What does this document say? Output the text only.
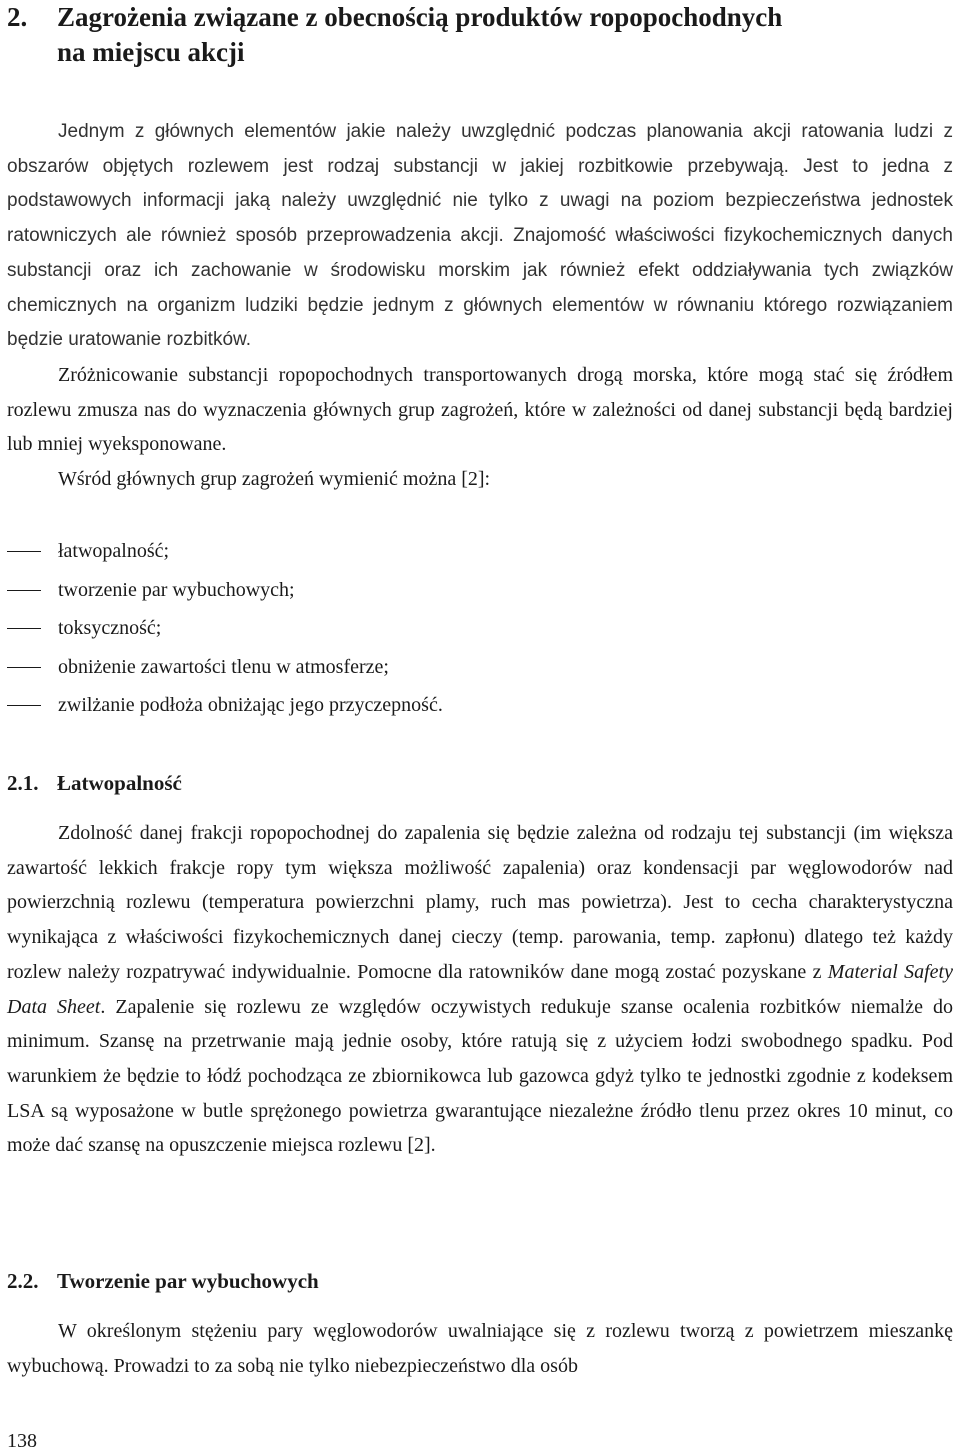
2. Zagrożenia związane z obecnością produktów ropopochodnych
na miejscu akcji

Jednym z głównych elementów jakie należy uwzględnić podczas planowania akcji ratowania ludzi z obszarów objętych rozlewem jest rodzaj substancji w jakiej rozbitkowie przebywają. Jest to jedna z podstawowych informacji jaką należy uwzględnić nie tylko z uwagi na poziom bezpieczeństwa jednostek ratowniczych ale również sposób przeprowadzenia akcji. Znajomość właściwości fizykochemicznych danych substancji oraz ich zachowanie w środowisku morskim jak również efekt oddziaływania tych związków chemicznych na organizm ludziki będzie jednym z głównych elementów w równaniu którego rozwiązaniem będzie uratowanie rozbitków.

Zróżnicowanie substancji ropopochodnych transportowanych drogą morska, które mogą stać się źródłem rozlewu zmusza nas do wyznaczenia głównych grup zagrożeń, które w zależności od danej substancji będą bardziej lub mniej wyeksponowane.

Wśród głównych grup zagrożeń wymienić można [2]:

łatwopalność;
tworzenie par wybuchowych;
toksyczność;
obniżenie zawartości tlenu w atmosferze;
zwilżanie podłoża obniżając jego przyczepność.
2.1. Łatwopalność

Zdolność danej frakcji ropopochodnej do zapalenia się będzie zależna od rodzaju tej substancji (im większa zawartość lekkich frakcje ropy tym większa możliwość zapalenia) oraz kondensacji par węglowodorów nad powierzchnią rozlewu (temperatura powierzchni plamy, ruch mas powietrza). Jest to cecha charakterystyczna wynikająca z właściwości fizykochemicznych danej cieczy (temp. parowania, temp. zapłonu) dlatego też każdy rozlew należy rozpatrywać indywidualnie. Pomocne dla ratowników dane mogą zostać pozyskane z Material Safety Data Sheet. Zapalenie się rozlewu ze względów oczywistych redukuje szanse ocalenia rozbitków niemalże do minimum. Szansę na przetrwanie mają jednie osoby, które ratują się z użyciem łodzi swobodnego spadku. Pod warunkiem że będzie to łódź pochodząca ze zbiornikowca lub gazowca gdyż tylko te jednostki zgodnie z kodeksem LSA są wyposażone w butle sprężonego powietrza gwarantujące niezależne źródło tlenu przez okres 10 minut, co może dać szansę na opuszczenie miejsca rozlewu [2].

2.2. Tworzenie par wybuchowych

W określonym stężeniu pary węglowodorów uwalniające się z rozlewu tworzą z powietrzem mieszankę wybuchową. Prowadzi to za sobą nie tylko niebezpieczeństwo dla osób

138
